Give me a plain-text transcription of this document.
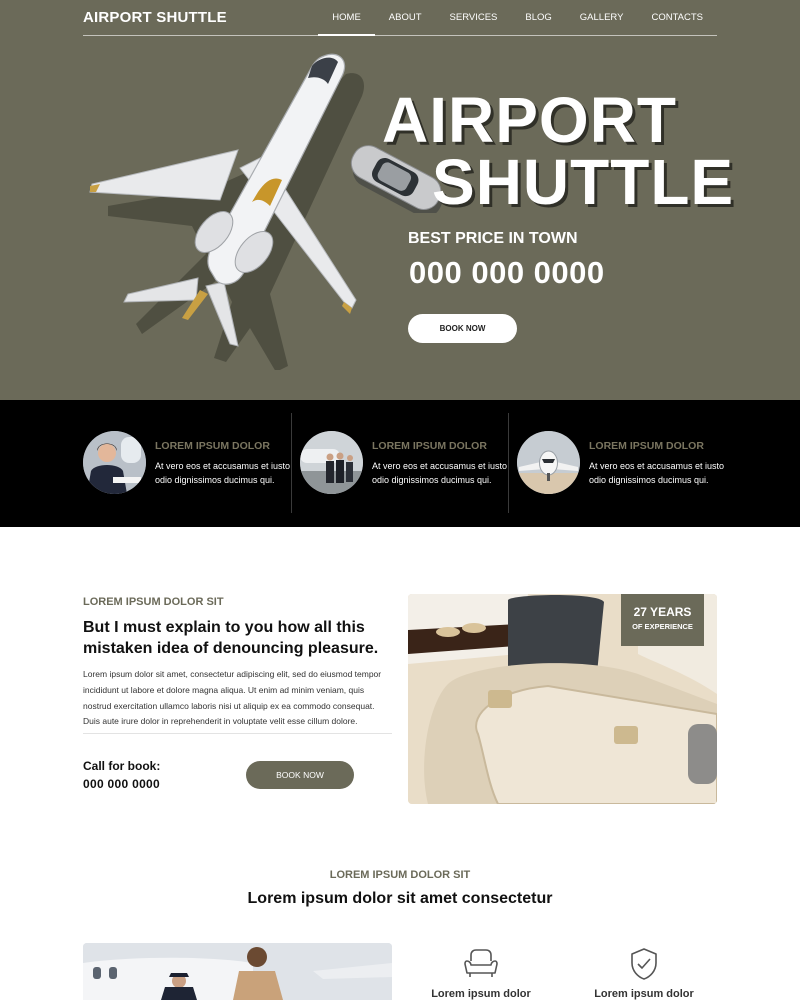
AIRPORT SHUTTLE	HOME	ABOUT	SERVICES	BLOG	GALLERY	CONTACTS
AIRPORT
SHUTTLE
BEST PRICE IN TOWN
000 000 0000
BOOK NOW
LOREM IPSUM DOLOR
At vero eos et accusamus et iusto odio dignissimos ducimus qui.
LOREM IPSUM DOLOR
At vero eos et accusamus et iusto odio dignissimos ducimus qui.
LOREM IPSUM DOLOR
At vero eos et accusamus et iusto odio dignissimos ducimus qui.
LOREM IPSUM DOLOR SIT
But I must explain to you how all this mistaken idea of denouncing pleasure.
Lorem ipsum dolor sit amet, consectetur adipiscing elit, sed do eiusmod tempor incididunt ut labore et dolore magna aliqua. Ut enim ad minim veniam, quis nostrud exercitation ullamco laboris nisi ut aliquip ex ea commodo consequat. Duis aute irure dolor in reprehenderit in voluptate velit esse cillum dolore.
Call for book:
000 000 0000
BOOK NOW
27 YEARS
OF EXPERIENCE
LOREM IPSUM DOLOR SIT
Lorem ipsum dolor sit amet consectetur
Lorem ipsum dolor	Lorem ipsum dolor
